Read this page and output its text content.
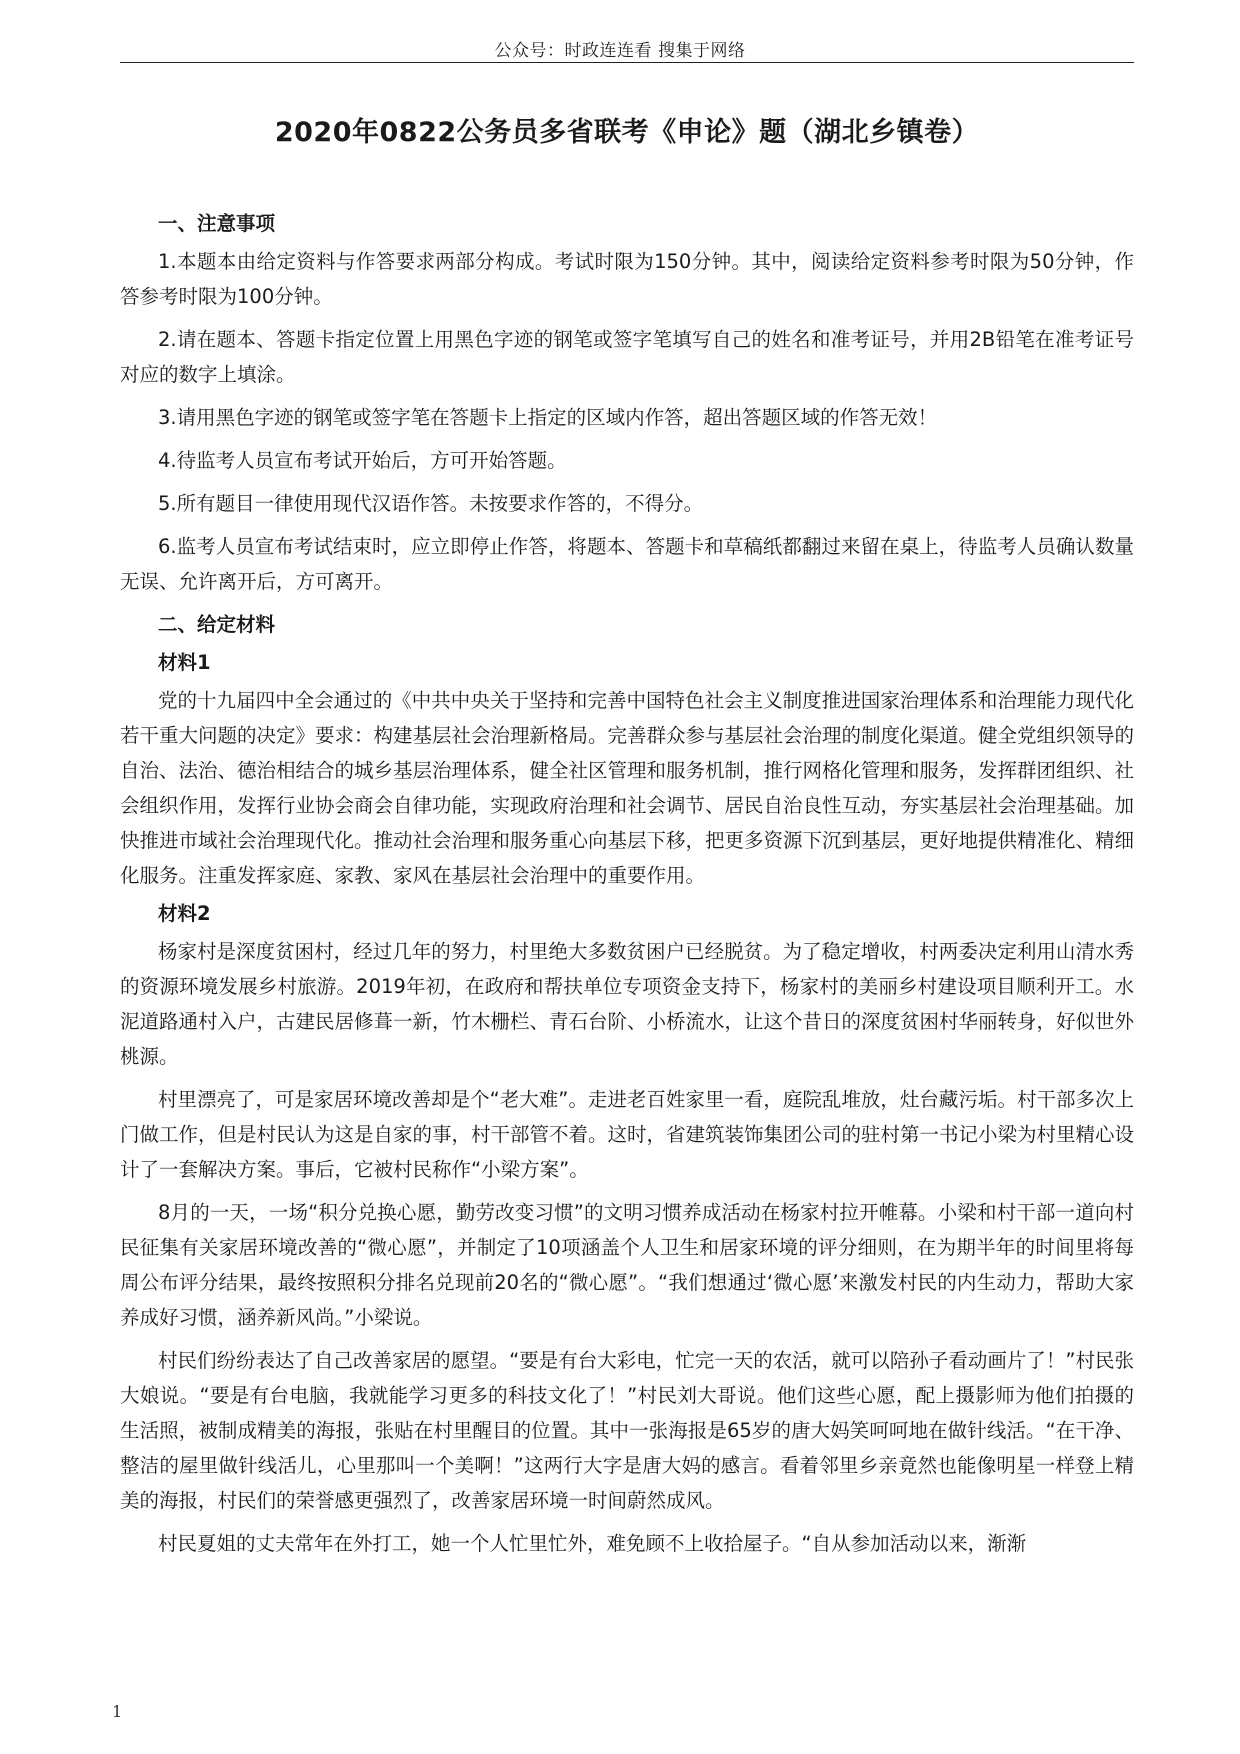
公众号：时政连连看 搜集于网络
2020年0822公务员多省联考《申论》题（湖北乡镇卷）

一、注意事项

1.本题本由给定资料与作答要求两部分构成。考试时限为150分钟。其中，阅读给定资料参考时限为50分钟，作答参考时限为100分钟。

2.请在题本、答题卡指定位置上用黑色字迹的钢笔或签字笔填写自己的姓名和准考证号，并用2B铅笔在准考证号对应的数字上填涂。

3.请用黑色字迹的钢笔或签字笔在答题卡上指定的区域内作答，超出答题区域的作答无效！

4.待监考人员宣布考试开始后，方可开始答题。

5.所有题目一律使用现代汉语作答。未按要求作答的，不得分。

6.监考人员宣布考试结束时，应立即停止作答，将题本、答题卡和草稿纸都翻过来留在桌上，待监考人员确认数量无误、允许离开后，方可离开。

二、给定材料

材料1

党的十九届四中全会通过的《中共中央关于坚持和完善中国特色社会主义制度推进国家治理体系和治理能力现代化若干重大问题的决定》要求：构建基层社会治理新格局。完善群众参与基层社会治理的制度化渠道。健全党组织领导的自治、法治、德治相结合的城乡基层治理体系，健全社区管理和服务机制，推行网格化管理和服务，发挥群团组织、社会组织作用，发挥行业协会商会自律功能，实现政府治理和社会调节、居民自治良性互动，夯实基层社会治理基础。加快推进市域社会治理现代化。推动社会治理和服务重心向基层下移，把更多资源下沉到基层，更好地提供精准化、精细化服务。注重发挥家庭、家教、家风在基层社会治理中的重要作用。

材料2

杨家村是深度贫困村，经过几年的努力，村里绝大多数贫困户已经脱贫。为了稳定增收，村两委决定利用山清水秀的资源环境发展乡村旅游。2019年初，在政府和帮扶单位专项资金支持下，杨家村的美丽乡村建设项目顺利开工。水泥道路通村入户，古建民居修葺一新，竹木栅栏、青石台阶、小桥流水，让这个昔日的深度贫困村华丽转身，好似世外桃源。

村里漂亮了，可是家居环境改善却是个“老大难”。走进老百姓家里一看，庭院乱堆放，灶台藏污垢。村干部多次上门做工作，但是村民认为这是自家的事，村干部管不着。这时，省建筑装饰集团公司的驻村第一书记小梁为村里精心设计了一套解决方案。事后，它被村民称作“小梁方案”。

8月的一天，一场“积分兑换心愿，勤劳改变习惯”的文明习惯养成活动在杨家村拉开帷幕。小梁和村干部一道向村民征集有关家居环境改善的“微心愿”，并制定了10项涵盖个人卫生和居家环境的评分细则，在为期半年的时间里将每周公布评分结果，最终按照积分排名兑现前20名的“微心愿”。“我们想通过‘微心愿’来激发村民的内生动力，帮助大家养成好习惯，涵养新风尚。”小梁说。

村民们纷纷表达了自己改善家居的愿望。“要是有台大彩电，忙完一天的农活，就可以陪孙子看动画片了！”村民张大娘说。“要是有台电脑，我就能学习更多的科技文化了！”村民刘大哥说。他们这些心愿，配上摄影师为他们拍摄的生活照，被制成精美的海报，张贴在村里醒目的位置。其中一张海报是65岁的唐大妈笑呵呵地在做针线活。“在干净、整洁的屋里做针线活儿，心里那叫一个美啊！”这两行大字是唐大妈的感言。看着邻里乡亲竟然也能像明星一样登上精美的海报，村民们的荣誉感更强烈了，改善家居环境一时间蔚然成风。

村民夏姐的丈夫常年在外打工，她一个人忙里忙外，难免顾不上收拾屋子。“自从参加活动以来，渐渐

1
